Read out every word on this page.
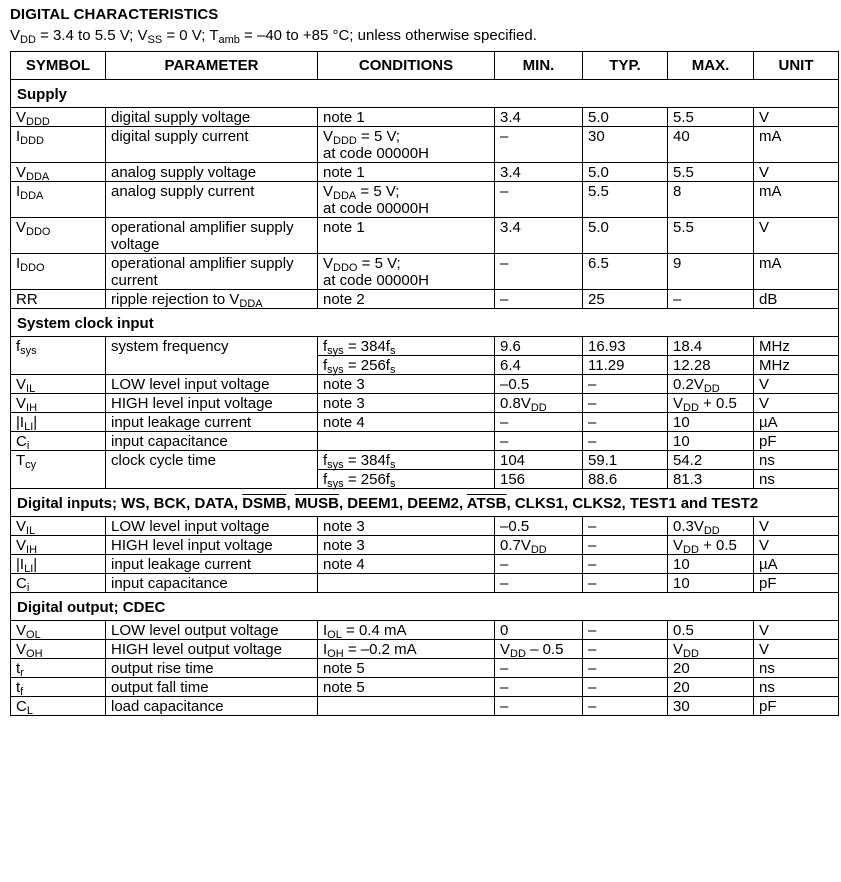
DIGITAL CHARACTERISTICS
$V_{DD} = 3.4$ to 5.5 V; $V_{SS} = 0$ V; $T_{amb} = -40$ to +85 °C; unless otherwise specified.
SYMBOL	PARAMETER	CONDITIONS	MIN.	TYP.	MAX.	UNIT
Supply						
$V_{DDD}$	digital supply voltage	note 1	3.4	5.0	5.5	V
$I_{DDD}$	digital supply current	$V_{DDD} = 5$ V;
at code 00000H	–	30	40	mA
$V_{DDA}$	analog supply voltage	note 1	3.4	5.0	5.5	V
$I_{DDA}$	analog supply current	$V_{DDA} = 5$ V;
at code 00000H	–	5.5	8	mA
$V_{DDO}$	operational amplifier supply voltage	note 1	3.4	5.0	5.5	V
$I_{DDO}$	operational amplifier supply current	$V_{DDO} = 5$ V;
at code 00000H	–	6.5	9	mA
RR	ripple rejection to $V_{DDA}$	note 2	–	25	–	dB
System clock input						
$f_{sys}$	system frequency	$f_{sys} = 384f_s$	9.6	16.93	18.4	MHz
		$f_{sys} = 256f_s$	6.4	11.29	12.28	MHz
$V_{IL}$	LOW level input voltage	note 3	–0.5	–	$0.2V_{DD}$	V
$V_{IH}$	HIGH level input voltage	note 3	$0.8V_{DD}$	–	$V_{DD} + 0.5$	V
$|I_{LI}|$	input leakage current	note 4	–	–	10	µA
$C_i$	input capacitance		–	–	10	pF
$T_{cy}$	clock cycle time	$f_{sys} = 384f_s$	104	59.1	54.2	ns
		$f_{sys} = 256f_s$	156	88.6	81.3	ns
Digital inputs; WS, BCK, DATA, DSMB, MUSB, DEEM1, DEEM2, ATSB, CLKS1, CLKS2, TEST1 and TEST2						
$V_{IL}$	LOW level input voltage	note 3	–0.5	–	$0.3V_{DD}$	V
$V_{IH}$	HIGH level input voltage	note 3	$0.7V_{DD}$	–	$V_{DD} + 0.5$	V
$|I_{LI}|$	input leakage current	note 4	–	–	10	µA
$C_i$	input capacitance		–	–	10	pF
Digital output; CDEC						
$V_{OL}$	LOW level output voltage	$I_{OL} = 0.4$ mA	0	–	0.5	V
$V_{OH}$	HIGH level output voltage	$I_{OH} = -0.2$ mA	$V_{DD} - 0.5$	–	$V_{DD}$	V
$t_r$	output rise time	note 5	–	–	20	ns
$t_f$	output fall time	note 5	–	–	20	ns
$C_L$	load capacitance		–	–	30	pF
